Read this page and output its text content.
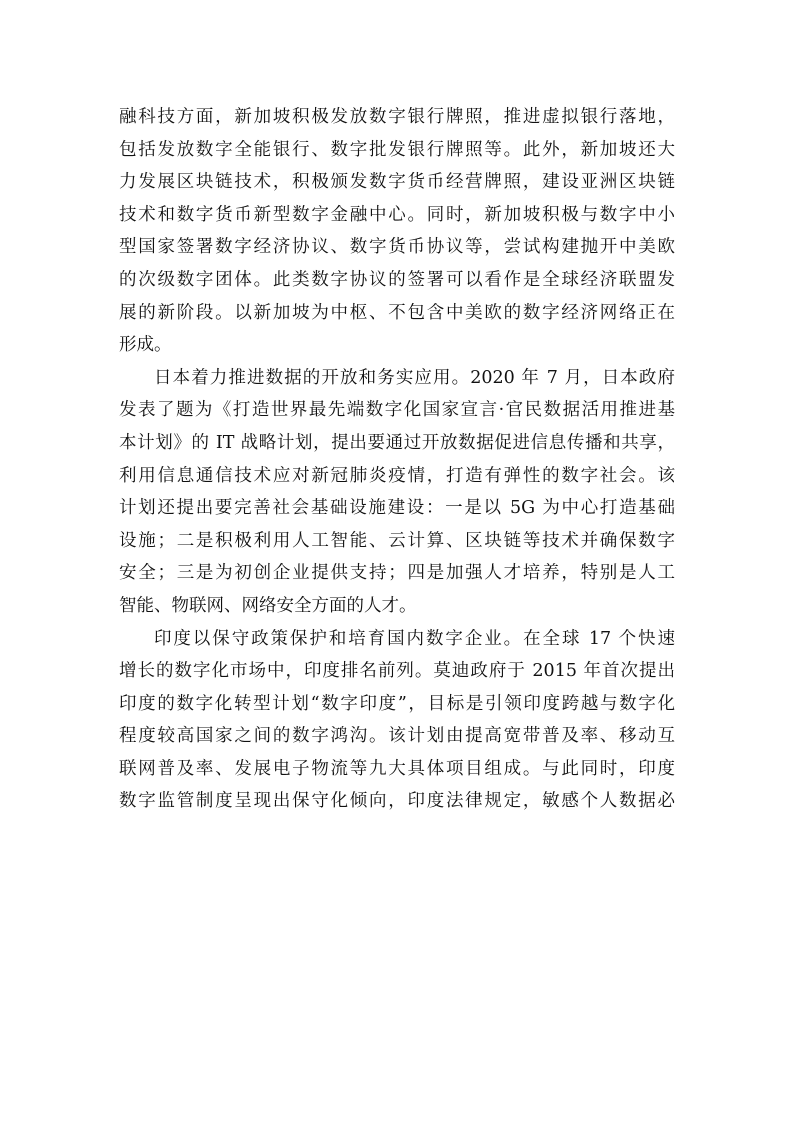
融科技方面，新加坡积极发放数字银行牌照，推进虚拟银行落地，
包括发放数字全能银行、数字批发银行牌照等。此外，新加坡还大
力发展区块链技术，积极颁发数字货币经营牌照，建设亚洲区块链
技术和数字货币新型数字金融中心。同时，新加坡积极与数字中小
型国家签署数字经济协议、数字货币协议等，尝试构建抛开中美欧
的次级数字团体。此类数字协议的签署可以看作是全球经济联盟发
展的新阶段。以新加坡为中枢、不包含中美欧的数字经济网络正在
形成。
日本着力推进数据的开放和务实应用。2020 年 7 月，日本政府
发表了题为《打造世界最先端数字化国家宣言·官民数据活用推进基
本计划》的 IT 战略计划，提出要通过开放数据促进信息传播和共享，
利用信息通信技术应对新冠肺炎疫情，打造有弹性的数字社会。该
计划还提出要完善社会基础设施建设：一是以 5G 为中心打造基础
设施；二是积极利用人工智能、云计算、区块链等技术并确保数字
安全；三是为初创企业提供支持；四是加强人才培养，特别是人工
智能、物联网、网络安全方面的人才。
印度以保守政策保护和培育国内数字企业。在全球 17 个快速
增长的数字化市场中，印度排名前列。莫迪政府于 2015 年首次提出
印度的数字化转型计划“数字印度”，目标是引领印度跨越与数字化
程度较高国家之间的数字鸿沟。该计划由提高宽带普及率、移动互
联网普及率、发展电子物流等九大具体项目组成。与此同时，印度
数字监管制度呈现出保守化倾向，印度法律规定，敏感个人数据必
